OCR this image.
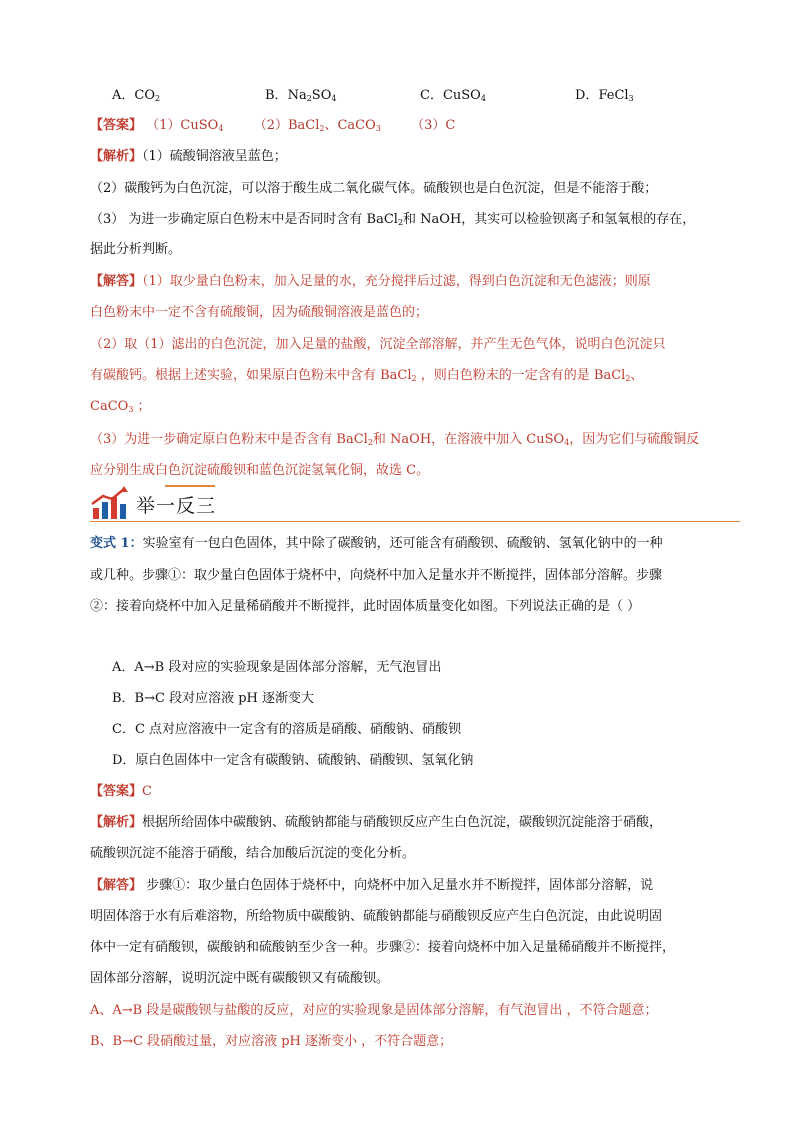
A．$CO_2$	B．$Na_2SO_4$	C．CuSO$_4$	D．FeCl$_3$
【答案】 （1）CuSO$_4$ （2）BaCl$_2$、CaCO$_3$ （3）C
【解析】（1）硫酸铜溶液呈蓝色；
（2）碳酸钙为白色沉淀，可以溶于酸生成二氧化碳气体。硫酸钡也是白色沉淀，但是不能溶于酸；
（3） 为进一步确定原白色粉末中是否同时含有 BaCl$_2$和 NaOH，其实可以检验钡离子和氢氧根的存在，
据此分析判断。
【解答】（1）取少量白色粉末，加入足量的水，充分搅拌后过滤，得到白色沉淀和无色滤液；则原
白色粉末中一定不含有硫酸铜，因为硫酸铜溶液是蓝色的；
（2）取（1）滤出的白色沉淀，加入足量的盐酸，沉淀全部溶解，并产生无色气体，说明白色沉淀只
有碳酸钙。根据上述实验，如果原白色粉末中含有 BaCl$_2$ ，则白色粉末的一定含有的是 BaCl$_2$、
CaCO$_3$ ；
（3）为进一步确定原白色粉末中是否含有 BaCl$_2$和 NaOH，在溶液中加入 CuSO$_4$，因为它们与硫酸铜反
应分别生成白色沉淀硫酸钡和蓝色沉淀氢氧化铜，故选 C。
举一反三
变式 1：实验室有一包白色固体，其中除了碳酸钠，还可能含有硝酸钡、硫酸钠、氢氧化钠中的一种
或几种。步骤①：取少量白色固体于烧杯中，向烧杯中加入足量水并不断搅拌，固体部分溶解。步骤
②：接着向烧杯中加入足量稀硝酸并不断搅拌，此时固体质量变化如图。下列说法正确的是（ ）
A．A→B 段对应的实验现象是固体部分溶解，无气泡冒出
B．B→C 段对应溶液 pH 逐渐变大
C．C 点对应溶液中一定含有的溶质是硝酸、硝酸钠、硝酸钡
D．原白色固体中一定含有碳酸钠、硫酸钠、硝酸钡、氢氧化钠
【答案】C
【解析】根据所给固体中碳酸钠、硫酸钠都能与硝酸钡反应产生白色沉淀，碳酸钡沉淀能溶于硝酸，
硫酸钡沉淀不能溶于硝酸，结合加酸后沉淀的变化分析。
【解答】 步骤①：取少量白色固体于烧杯中，向烧杯中加入足量水并不断搅拌，固体部分溶解，说
明固体溶于水有后难溶物，所给物质中碳酸钠、硫酸钠都能与硝酸钡反应产生白色沉淀，由此说明固
体中一定有硝酸钡，碳酸钠和硫酸钠至少含一种。步骤②：接着向烧杯中加入足量稀硝酸并不断搅拌，
固体部分溶解，说明沉淀中既有碳酸钡又有硫酸钡。
A、A→B 段是碳酸钡与盐酸的反应，对应的实验现象是固体部分溶解，有气泡冒出 ，不符合题意；
B、B→C 段硝酸过量，对应溶液 pH 逐渐变小 ，不符合题意；
